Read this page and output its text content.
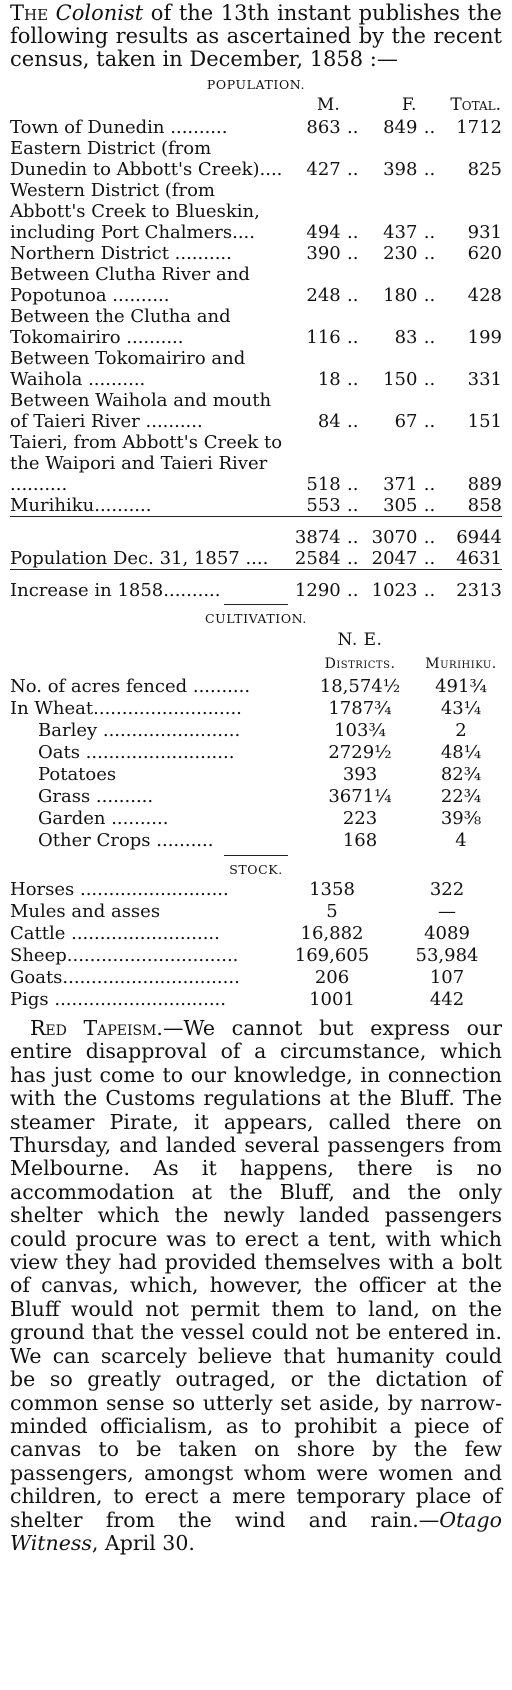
The Colonist of the 13th instant publishes the following results as ascertained by the recent census, taken in December, 1858 :—

POPULATION.
	M.		F.		Total.
Town of Dunedin ..........	863	..	849	..	1712
Eastern District (from Dunedin to Abbott's Creek)....	427	..	398	..	825
Western District (from Abbott's Creek to Blueskin, including Port Chalmers....	494	..	437	..	931
Northern District ..........	390	..	230	..	620
Between Clutha River and Popotunoa ..........	248	..	180	..	428
Between the Clutha and Tokomairiro ..........	116	..	83	..	199
Between Tokomairiro and Waihola ..........	18	..	150	..	331
Between Waihola and mouth of Taieri River ..........	84	..	67	..	151
Taieri, from Abbott's Creek to the Waipori and Taieri River ..........	518	..	371	..	889
Murihiku..........	553	..	305	..	858
	3874	..	3070	..	6944
Population Dec. 31, 1857 ....	2584	..	2047	..	4631
Increase in 1858..........	1290	..	1023	..	2313
CULTIVATION.
	N. E.	
	Districts.	Murihiku.
No. of acres fenced ..........	18,574½	491¾
In Wheat..........................	1787¾	43¼
Barley ........................	103¾	2
Oats ..........................	2729½	48¼
Potatoes	393	82¾
Grass ..........	3671¼	22¾
Garden ..........	223	39⅜
Other Crops ..........	168	4
STOCK.
Horses ..........................	1358	322
Mules and asses	5	—
Cattle ..........................	16,882	4089
Sheep..............................	169,605	53,984
Goats...............................	206	107
Pigs ..............................	1001	442

Red Tapeism.—We cannot but express our entire disapproval of a circumstance, which has just come to our knowledge, in connection with the Customs regulations at the Bluff. The steamer Pirate, it appears, called there on Thursday, and landed several passengers from Melbourne. As it happens, there is no accommodation at the Bluff, and the only shelter which the newly landed passengers could procure was to erect a tent, with which view they had provided themselves with a bolt of canvas, which, however, the officer at the Bluff would not permit them to land, on the ground that the vessel could not be entered in. We can scarcely believe that humanity could be so greatly outraged, or the dictation of common sense so utterly set aside, by narrow-minded officialism, as to prohibit a piece of canvas to be taken on shore by the few passengers, amongst whom were women and children, to erect a mere temporary place of shelter from the wind and rain.—Otago Witness, April 30.
